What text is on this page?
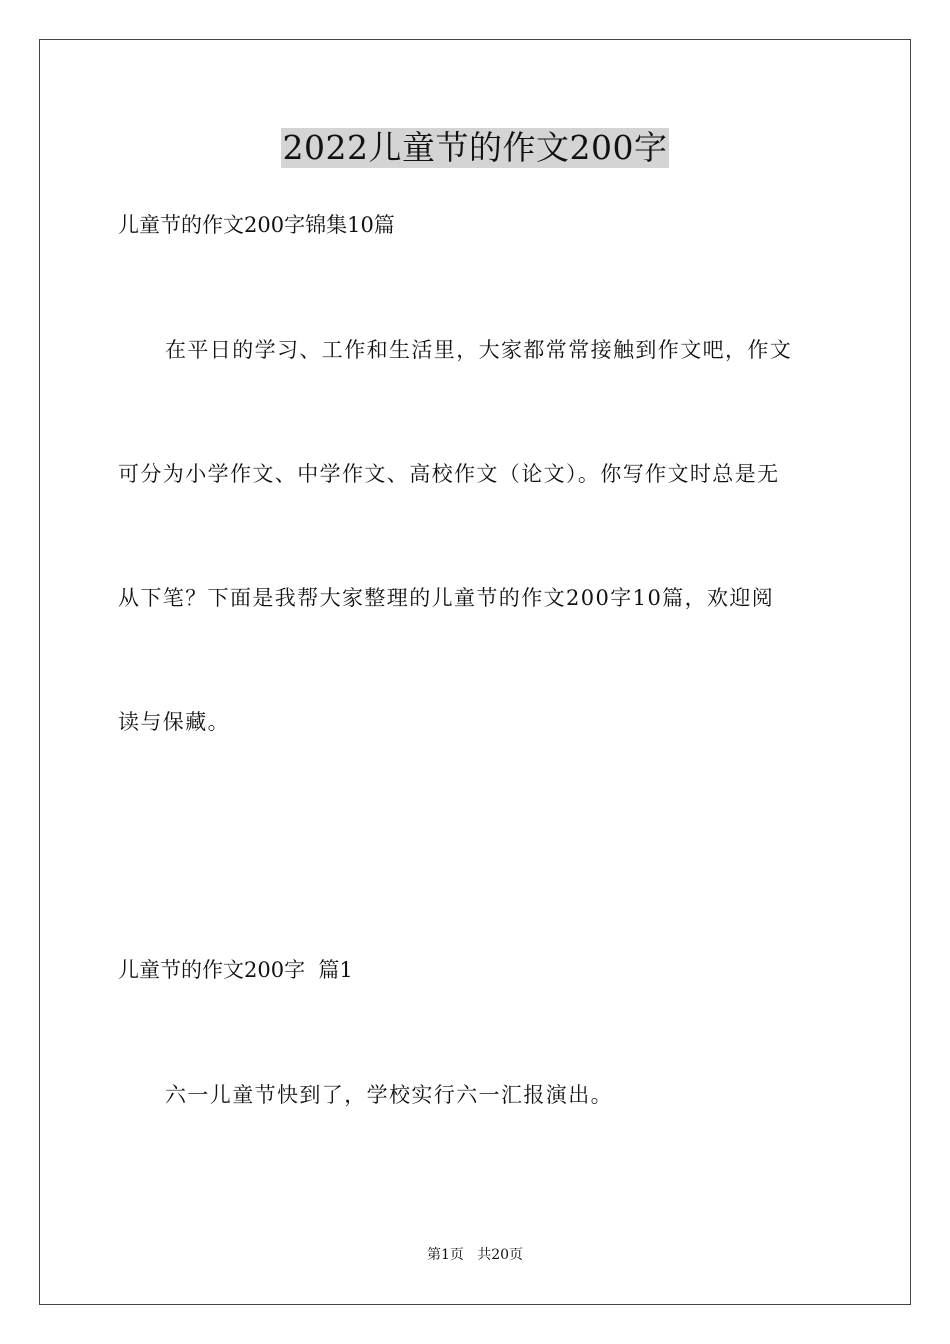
2022儿童节的作文200字
儿童节的作文200字锦集10篇
在平日的学习、工作和生活里，大家都常常接触到作文吧，作文
可分为小学作文、中学作文、高校作文（论文）。你写作文时总是无
从下笔？下面是我帮大家整理的儿童节的作文200字10篇，欢迎阅
读与保藏。
儿童节的作文200字  篇1
六一儿童节快到了，学校实行六一汇报演出。
第1页   共20页
